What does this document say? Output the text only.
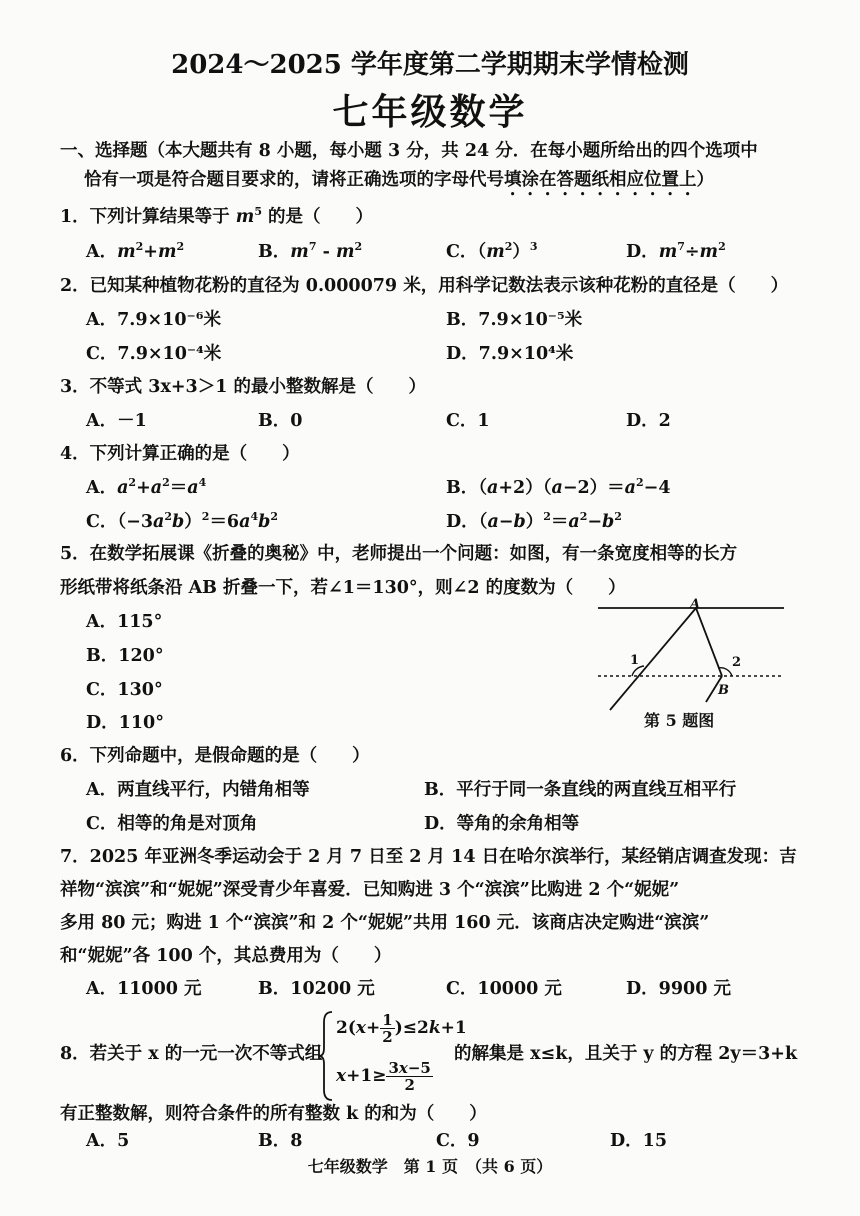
2024～2025 学年度第二学期期末学情检测
七年级数学
一、选择题（本大题共有 8 小题，每小题 3 分，共 24 分．在每小题所给出的四个选项中
恰有一项是符合题目要求的，请将正确选项的字母代号填涂在答题纸相应位置上）
1．下列计算结果等于 $m^5$ 的是（　　）
A．$m^2+m^2$	B．$m^7 - m^2$	C．$(m^2)^3$	D．$m^7\div m^2$
2．已知某种植物花粉的直径为 0.000079 米，用科学记数法表示该种花粉的直径是（　　）
A．7.9×10⁻⁶米	B．7.9×10⁻⁵米
C．7.9×10⁻⁴米	D．7.9×10⁴米
3．不等式 3x+3＞1 的最小整数解是（　　）
A．－1	B．0	C．1	D．2
4．下列计算正确的是（　　）
A．$a^2+a^2=a^4$	B．$(a+2)(a-2)=a^2-4$
C．$(-3a^2b)^2=6a^4b^2$	D．$(a-b)^2=a^2-b^2$
5．在数学拓展课《折叠的奥秘》中，老师提出一个问题：如图，有一条宽度相等的长方
形纸带将纸条沿 AB 折叠一下，若∠1＝130°，则∠2 的度数为（　　）
A．115°
B．120°
C．130°
D．110°
A
B
1	2
第 5 题图
6．下列命题中，是假命题的是（　　）
A．两直线平行，内错角相等	B．平行于同一条直线的两直线互相平行
C．相等的角是对顶角	D．等角的余角相等
7．2025 年亚洲冬季运动会于 2 月 7 日至 2 月 14 日在哈尔滨举行，某经销店调查发现：吉
祥物“滨滨”和“妮妮”深受青少年喜爱．已知购进 3 个“滨滨”比购进 2 个“妮妮”
多用 80 元；购进 1 个“滨滨”和 2 个“妮妮”共用 160 元．该商店决定购进“滨滨”
和“妮妮”各 100 个，其总费用为（　　）
A．11000 元	B．10200 元	C．10000 元	D．9900 元
8．若关于 x 的一元一次不等式组
$2(x+ \frac{1}{2} )\le 2k+1$
$x+1\ge \frac{3x-5}{2}$
的解集是 x≤k，且关于 y 的方程 2y＝3+k
有正整数解，则符合条件的所有整数 k 的和为（　　）
A．5	B．8	C．9	D．15
七年级数学　第 1 页　（共 6 页）
